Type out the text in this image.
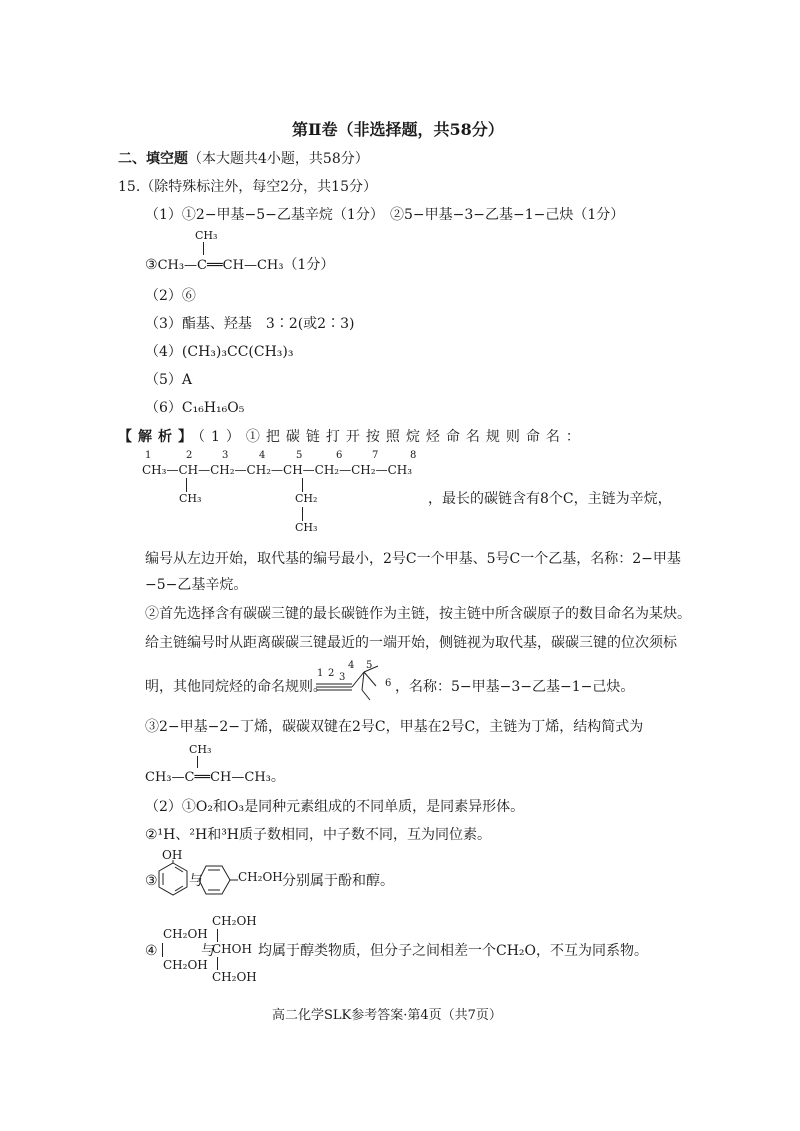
第Ⅱ卷（非选择题，共58分）
二、填空题（本大题共4小题，共58分）
15.（除特殊标注外，每空2分，共15分）
（1）①2−甲基−5−乙基辛烷（1分） ②5−甲基−3−乙基−1−己炔（1分）
CH₃
③CH₃—C══CH—CH₃（1分）
（2）⑥
（3）酯基、羟基　3∶2(或2∶3)
（4）(CH₃)₃CC(CH₃)₃
（5）A
（6）C₁₆H₁₆O₅
【解析】（1）①把碳链打开按照烷烃命名规则命名：
1	2	3	4	5	6	7	8
CH₃—CH—CH₂—CH₂—CH—CH₂—CH₂—CH₃
CH₃	CH₂
CH₃
，最长的碳链含有8个C，主链为辛烷，
编号从左边开始，取代基的编号最小，2号C一个甲基、5号C一个乙基，名称：2−甲基
−5−乙基辛烷。
②首先选择含有碳碳三键的最长碳链作为主链，按主链中所含碳原子的数目命名为某炔。
给主链编号时从距离碳碳三键最近的一端开始，侧链视为取代基，碳碳三键的位次须标
明，其他同烷烃的命名规则。
1 2 3
4 5
6 ，名称：5−甲基−3−乙基−1−己炔。
③2−甲基−2−丁烯，碳碳双键在2号C，甲基在2号C，主链为丁烯，结构简式为
CH₃
CH₃—C══CH—CH₃。
（2）①O₂和O₃是同种元素组成的不同单质，是同素异形体。
②¹H、²H和³H质子数相同，中子数不同，互为同位素。
③
OH
与	CH₂OH 分别属于酚和醇。
④
CH₂OH
CH₂OH
与
CH₂OH
CHOH
CH₂OH
均属于醇类物质，但分子之间相差一个CH₂O，不互为同系物。
高二化学SLK参考答案·第4页（共7页）
